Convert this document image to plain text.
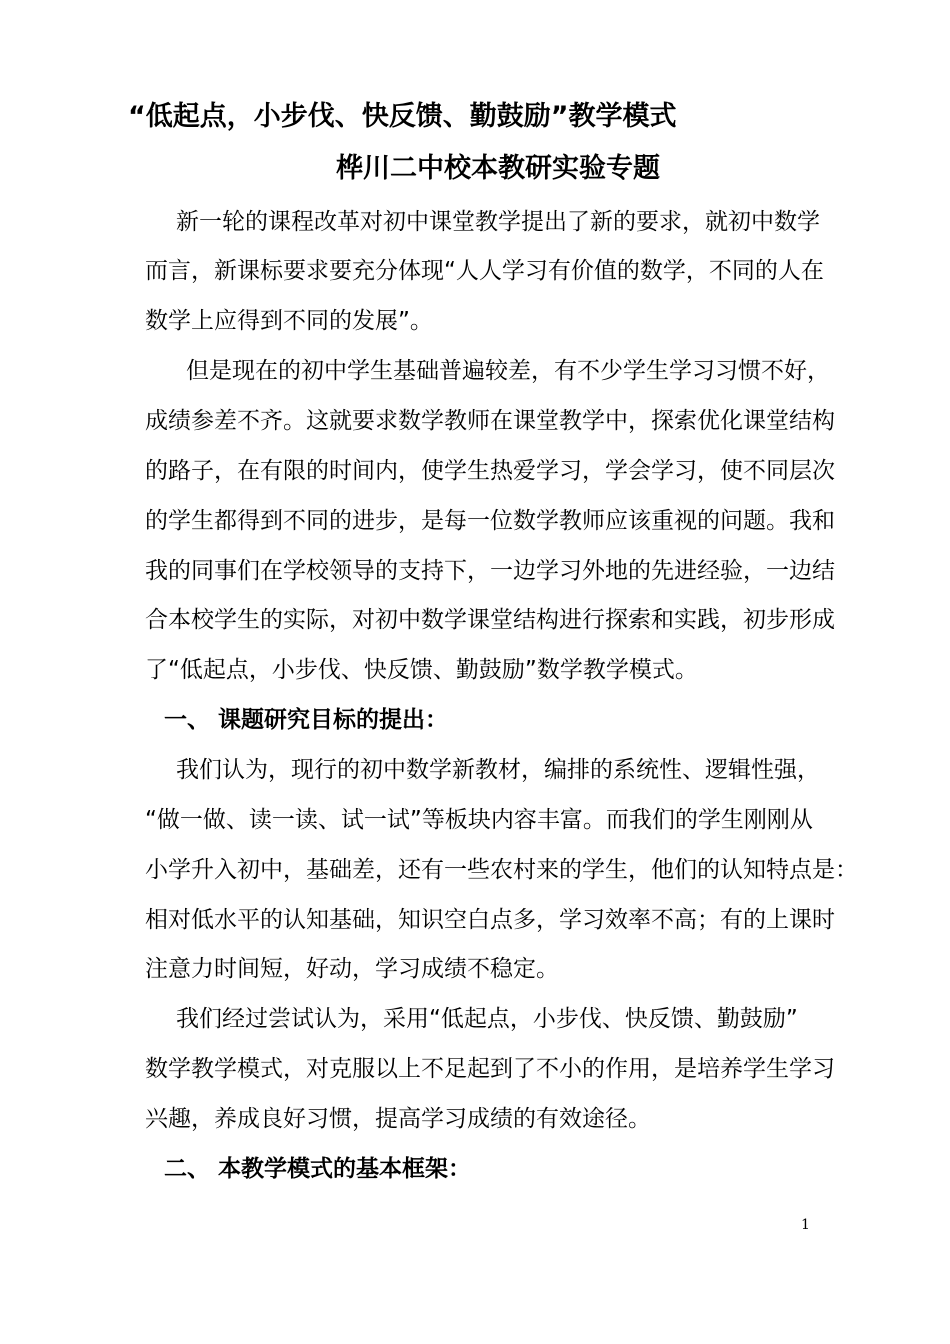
“低起点，小步伐、快反馈、勤鼓励”教学模式
桦川二中校本教研实验专题

新一轮的课程改革对初中课堂教学提出了新的要求，就初中数学

而言，新课标要求要充分体现“人人学习有价值的数学，不同的人在

数学上应得到不同的发展”。

但是现在的初中学生基础普遍较差，有不少学生学习习惯不好，

成绩参差不齐。这就要求数学教师在课堂教学中，探索优化课堂结构

的路子，在有限的时间内，使学生热爱学习，学会学习，使不同层次

的学生都得到不同的进步，是每一位数学教师应该重视的问题。我和

我的同事们在学校领导的支持下，一边学习外地的先进经验，一边结

合本校学生的实际，对初中数学课堂结构进行探索和实践，初步形成

了“低起点，小步伐、快反馈、勤鼓励”数学教学模式。

一、 课题研究目标的提出：

我们认为，现行的初中数学新教材，编排的系统性、逻辑性强，

“做一做、读一读、试一试”等板块内容丰富。而我们的学生刚刚从

小学升入初中，基础差，还有一些农村来的学生，他们的认知特点是：

相对低水平的认知基础，知识空白点多，学习效率不高；有的上课时

注意力时间短，好动，学习成绩不稳定。

我们经过尝试认为，采用“低起点，小步伐、快反馈、勤鼓励”

数学教学模式，对克服以上不足起到了不小的作用，是培养学生学习

兴趣，养成良好习惯，提高学习成绩的有效途径。

二、 本教学模式的基本框架：

1
